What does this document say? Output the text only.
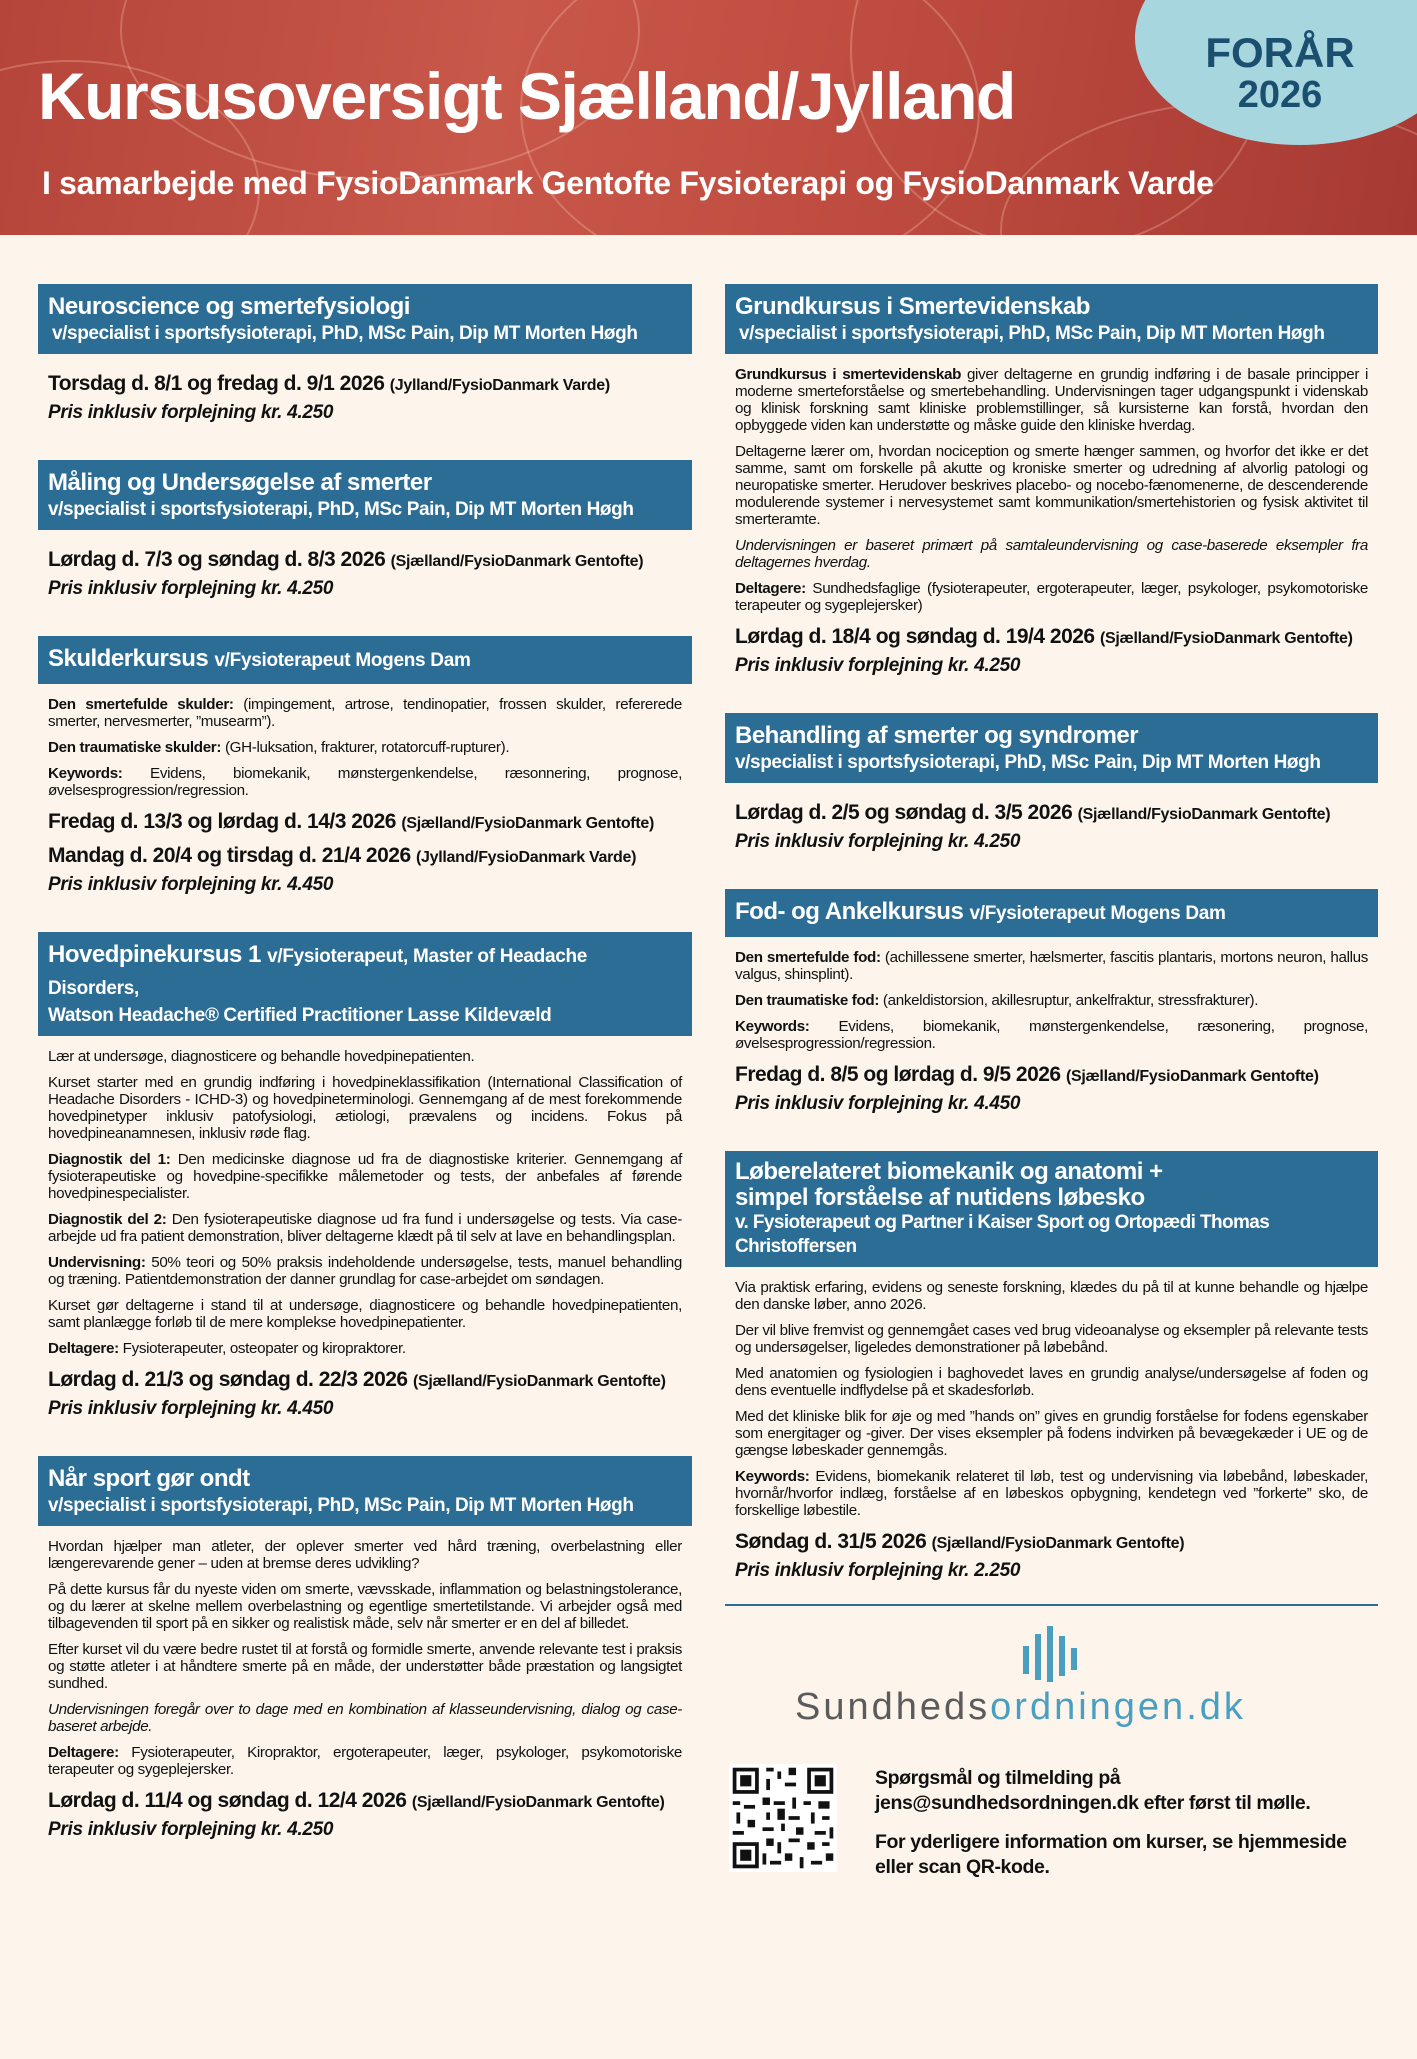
FORÅR
2026
Kursusoversigt Sjælland/Jylland
I samarbejde med FysioDanmark Gentofte Fysioterapi og FysioDanmark Varde
Neuroscience og smertefysiologi
v/specialist i sportsfysioterapi, PhD, MSc Pain, Dip MT Morten Høgh
Torsdag d. 8/1 og fredag d. 9/1 2026 (Jylland/FysioDanmark Varde)
Pris inklusiv forplejning kr. 4.250
Måling og Undersøgelse af smerter
v/specialist i sportsfysioterapi, PhD, MSc Pain, Dip MT Morten Høgh
Lørdag d. 7/3 og søndag d. 8/3 2026 (Sjælland/FysioDanmark Gentofte)
Pris inklusiv forplejning kr. 4.250
Skulderkursus v/Fysioterapeut Mogens Dam

Den smertefulde skulder: (impingement, artrose, tendinopatier, frossen skulder, refererede smerter, nervesmerter, ”musearm”).

Den traumatiske skulder: (GH-luksation, frakturer, rotatorcuff-rupturer).

Keywords: Evidens, biomekanik, mønstergenkendelse, ræsonnering, prognose, øvelsesprogression/regression.

Fredag d. 13/3 og lørdag d. 14/3 2026 (Sjælland/FysioDanmark Gentofte)
Mandag d. 20/4 og tirsdag d. 21/4 2026 (Jylland/FysioDanmark Varde)
Pris inklusiv forplejning kr. 4.450
Hovedpinekursus 1 v/Fysioterapeut, Master of Headache Disorders,
Watson Headache® Certified Practitioner Lasse Kildevæld

Lær at undersøge, diagnosticere og behandle hovedpinepatienten.

Kurset starter med en grundig indføring i hovedpineklassifikation (International Classification of Headache Disorders - ICHD-3) og hovedpineterminologi. Gennemgang af de mest forekommende hovedpinetyper inklusiv patofysiologi, ætiologi, prævalens og incidens. Fokus på hovedpineanamnesen, inklusiv røde flag.

Diagnostik del 1: Den medicinske diagnose ud fra de diagnostiske kriterier. Gennemgang af fysioterapeutiske og hovedpine-specifikke målemetoder og tests, der anbefales af førende hovedpinespecialister.

Diagnostik del 2: Den fysioterapeutiske diagnose ud fra fund i undersøgelse og tests. Via case-arbejde ud fra patient demonstration, bliver deltagerne klædt på til selv at lave en behandlingsplan.

Undervisning: 50% teori og 50% praksis indeholdende undersøgelse, tests, manuel behandling og træning. Patientdemonstration der danner grundlag for case-arbejdet om søndagen.

Kurset gør deltagerne i stand til at undersøge, diagnosticere og behandle hovedpinepatienten, samt planlægge forløb til de mere komplekse hovedpinepatienter.

Deltagere: Fysioterapeuter, osteopater og kiropraktorer.

Lørdag d. 21/3 og søndag d. 22/3 2026 (Sjælland/FysioDanmark Gentofte)
Pris inklusiv forplejning kr. 4.450
Når sport gør ondt
v/specialist i sportsfysioterapi, PhD, MSc Pain, Dip MT Morten Høgh

Hvordan hjælper man atleter, der oplever smerter ved hård træning, overbelastning eller længerevarende gener – uden at bremse deres udvikling?

På dette kursus får du nyeste viden om smerte, vævsskade, inflammation og belastningstolerance, og du lærer at skelne mellem overbelastning og egentlige smertetilstande. Vi arbejder også med tilbagevenden til sport på en sikker og realistisk måde, selv når smerter er en del af billedet.

Efter kurset vil du være bedre rustet til at forstå og formidle smerte, anvende relevante test i praksis og støtte atleter i at håndtere smerte på en måde, der understøtter både præstation og langsigtet sundhed.

Undervisningen foregår over to dage med en kombination af klasseundervisning, dialog og case-baseret arbejde.

Deltagere: Fysioterapeuter, Kiropraktor, ergoterapeuter, læger, psykologer, psykomotoriske terapeuter og sygeplejersker.

Lørdag d. 11/4 og søndag d. 12/4 2026 (Sjælland/FysioDanmark Gentofte)
Pris inklusiv forplejning kr. 4.250
Grundkursus i Smertevidenskab
v/specialist i sportsfysioterapi, PhD, MSc Pain, Dip MT Morten Høgh

Grundkursus i smertevidenskab giver deltagerne en grundig indføring i de basale principper i moderne smerteforståelse og smertebehandling. Undervisningen tager udgangspunkt i videnskab og klinisk forskning samt kliniske problemstillinger, så kursisterne kan forstå, hvordan den opbyggede viden kan understøtte og måske guide den kliniske hverdag.

Deltagerne lærer om, hvordan nociception og smerte hænger sammen, og hvorfor det ikke er det samme, samt om forskelle på akutte og kroniske smerter og udredning af alvorlig patologi og neuropatiske smerter. Herudover beskrives placebo- og nocebo-fænomenerne, de descenderende modulerende systemer i nervesystemet samt kommunikation/smertehistorien og fysisk aktivitet til smerteramte.

Undervisningen er baseret primært på samtaleundervisning og case-baserede eksempler fra deltagernes hverdag.

Deltagere: Sundhedsfaglige (fysioterapeuter, ergoterapeuter, læger, psykologer, psykomotoriske terapeuter og sygeplejersker)

Lørdag d. 18/4 og søndag d. 19/4 2026 (Sjælland/FysioDanmark Gentofte)
Pris inklusiv forplejning kr. 4.250
Behandling af smerter og syndromer
v/specialist i sportsfysioterapi, PhD, MSc Pain, Dip MT Morten Høgh
Lørdag d. 2/5 og søndag d. 3/5 2026 (Sjælland/FysioDanmark Gentofte)
Pris inklusiv forplejning kr. 4.250
Fod- og Ankelkursus v/Fysioterapeut Mogens Dam

Den smertefulde fod: (achillessene smerter, hælsmerter, fascitis plantaris, mortons neuron, hallus valgus, shinsplint).

Den traumatiske fod: (ankeldistorsion, akillesruptur, ankelfraktur, stressfrakturer).

Keywords: Evidens, biomekanik, mønstergenkendelse, ræsonering, prognose, øvelsesprogression/regression.

Fredag d. 8/5 og lørdag d. 9/5 2026 (Sjælland/FysioDanmark Gentofte)
Pris inklusiv forplejning kr. 4.450
Løberelateret biomekanik og anatomi +
simpel forståelse af nutidens løbesko
v. Fysioterapeut og Partner i Kaiser Sport og Ortopædi Thomas Christoffersen

Via praktisk erfaring, evidens og seneste forskning, klædes du på til at kunne behandle og hjælpe den danske løber, anno 2026.

Der vil blive fremvist og gennemgået cases ved brug videoanalyse og eksempler på relevante tests og undersøgelser, ligeledes demonstrationer på løbebånd.

Med anatomien og fysiologien i baghovedet laves en grundig analyse/undersøgelse af foden og dens eventuelle indflydelse på et skadesforløb.

Med det kliniske blik for øje og med ”hands on” gives en grundig forståelse for fodens egenskaber som energitager og -giver. Der vises eksempler på fodens indvirken på bevægekæder i UE og de gængse løbeskader gennemgås.

Keywords: Evidens, biomekanik relateret til løb, test og undervisning via løbebånd, løbeskader, hvornår/hvorfor indlæg, forståelse af en løbeskos opbygning, kendetegn ved ”forkerte” sko, de forskellige løbestile.

Søndag d. 31/5 2026 (Sjælland/FysioDanmark Gentofte)
Pris inklusiv forplejning kr. 2.250
Sundhedsordningen.dk

Spørgsmål og tilmelding på jens@sundhedsordningen.dk efter først til mølle.

For yderligere information om kurser, se hjemmeside eller scan QR-kode.
